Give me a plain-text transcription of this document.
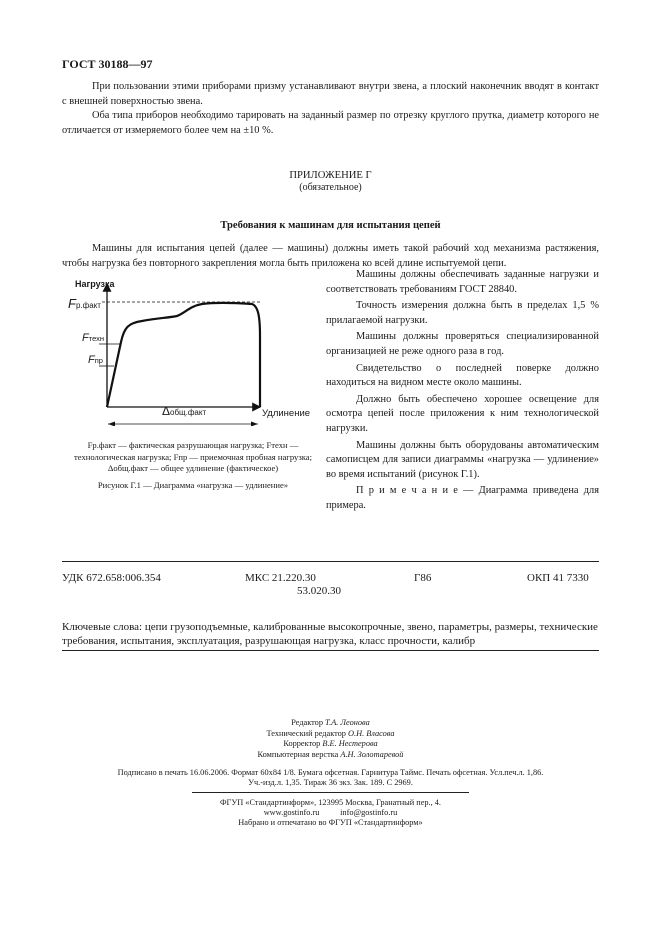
ГОСТ 30188—97
При пользовании этими приборами призму устанавливают внутри звена, а плоский наконечник вводят в контакт с внешней поверхностью звена.
Оба типа приборов необходимо тарировать на заданный размер по отрезку круглого прутка, диаметр которого не отличается от измеряемого более чем на ±10 %.
ПРИЛОЖЕНИЕ Г
(обязательное)
Требования к машинам для испытания цепей
Машины для испытания цепей (далее — машины) должны иметь такой рабочий ход механизма растяжения, чтобы нагрузка без повторного закрепления могла быть приложена ко всей длине испытуемой цепи.
Машины должны обеспечивать заданные нагрузки и соответствовать требованиям ГОСТ 28840.
Точность измерения должна быть в пределах 1,5 % прилагаемой нагрузки.
Машины должны проверяться специализированной организацией не реже одного раза в год.
Свидетельство о последней поверке должно находиться на видном месте около машины.
Должно быть обеспечено хорошее освещение для осмотра цепей после приложения к ним технологической нагрузки.
Машины должны быть оборудованы автоматическим самописцем для записи диаграммы «нагрузка — удлинение» во время испытаний (рисунок Г.1).
П р и м е ч а н и е — Диаграмма приведена для примера.
Нагрузка
Fр.факт
Fтехн
Fпр
Δобщ.факт	Удлинение
Fр.факт — фактическая разрушающая нагрузка; Fтехн — технологическая нагрузка; Fпр — приемочная пробная нагрузка;
Δобщ.факт — общее удлинение (фактическое)
Рисунок Г.1 — Диаграмма «нагрузка — удлинение»
УДК 672.658:006.354	МКС 21.220.30
53.020.30
Г86	ОКП 41 7330
Ключевые слова: цепи грузоподъемные, калиброванные высокопрочные, звено, параметры, размеры, технические требования, испытания, эксплуатация, разрушающая нагрузка, класс прочности, калибр
Редактор Т.А. Леонова
Технический редактор О.Н. Власова
Корректор В.Е. Нестерова
Компьютерная верстка А.Н. Золотаревой
Подписано в печать 16.06.2006. Формат 60x84 1/8. Бумага офсетная. Гарнитура Таймс. Печать офсетная. Усл.печ.л. 1,86.
Уч.-изд.л. 1,35. Тираж 36 экз. Зак. 189. С 2969.
ФГУП «Стандартинформ», 123995 Москва, Гранатный пер., 4.
www.gostinfo.ru          info@gostinfo.ru
Набрано и отпечатано во ФГУП «Стандартинформ»
